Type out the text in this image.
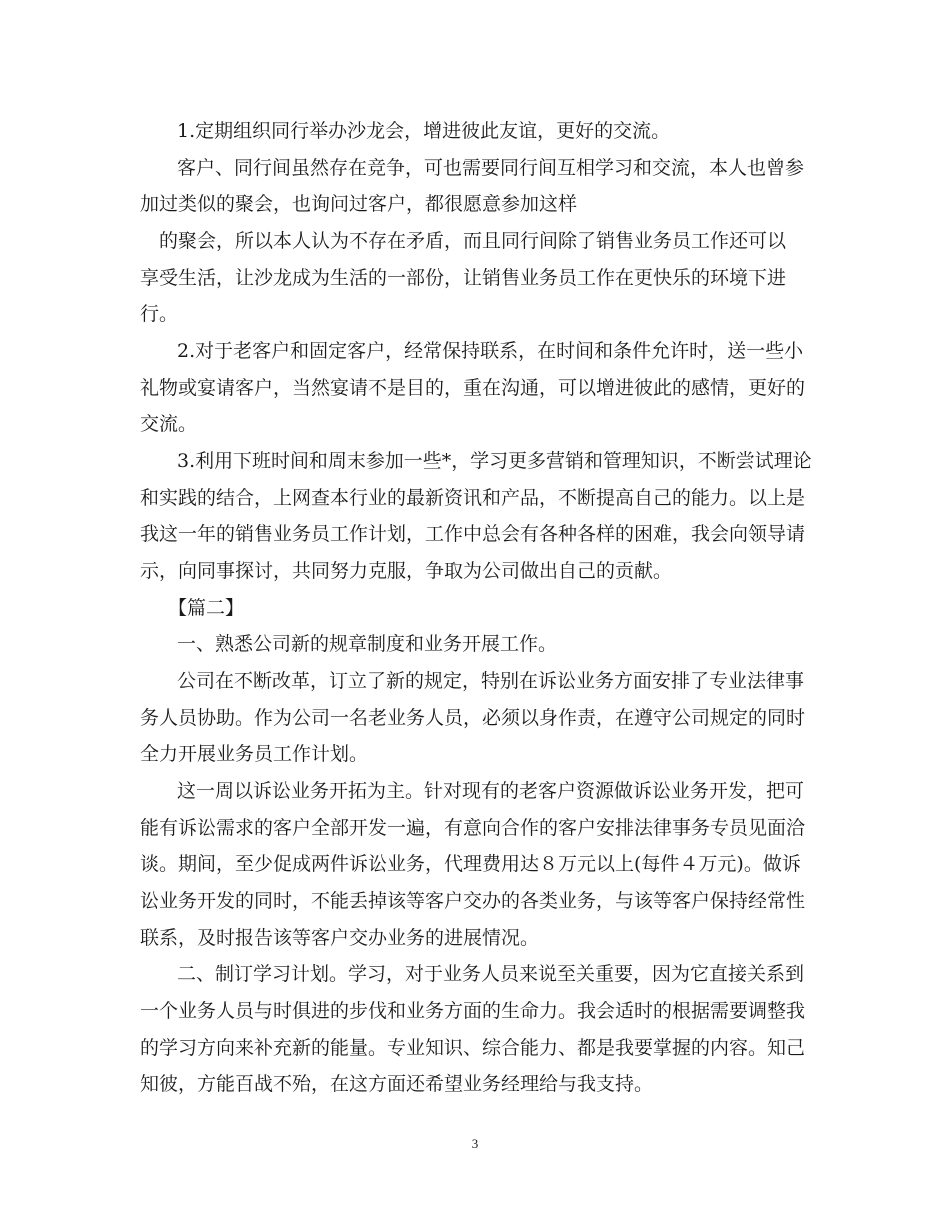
1.定期组织同行举办沙龙会，增进彼此友谊，更好的交流。
客户、同行间虽然存在竞争，可也需要同行间互相学习和交流，本人也曾参
加过类似的聚会，也询问过客户，都很愿意参加这样
的聚会，所以本人认为不存在矛盾，而且同行间除了销售业务员工作还可以
享受生活，让沙龙成为生活的一部份，让销售业务员工作在更快乐的环境下进
行。
2.对于老客户和固定客户，经常保持联系，在时间和条件允许时，送一些小
礼物或宴请客户，当然宴请不是目的，重在沟通，可以增进彼此的感情，更好的
交流。
3.利用下班时间和周末参加一些*，学习更多营销和管理知识，不断尝试理论
和实践的结合，上网查本行业的最新资讯和产品，不断提高自己的能力。以上是
我这一年的销售业务员工作计划，工作中总会有各种各样的困难，我会向领导请
示，向同事探讨，共同努力克服，争取为公司做出自己的贡献。
【篇二】
一、熟悉公司新的规章制度和业务开展工作。
公司在不断改革，订立了新的规定，特别在诉讼业务方面安排了专业法律事
务人员协助。作为公司一名老业务人员，必须以身作责，在遵守公司规定的同时
全力开展业务员工作计划。
这一周以诉讼业务开拓为主。针对现有的老客户资源做诉讼业务开发，把可
能有诉讼需求的客户全部开发一遍，有意向合作的客户安排法律事务专员见面洽
谈。期间，至少促成两件诉讼业务，代理费用达８万元以上(每件４万元)。做诉
讼业务开发的同时，不能丢掉该等客户交办的各类业务，与该等客户保持经常性
联系，及时报告该等客户交办业务的进展情况。
二、制订学习计划。学习，对于业务人员来说至关重要，因为它直接关系到
一个业务人员与时俱进的步伐和业务方面的生命力。我会适时的根据需要调整我
的学习方向来补充新的能量。专业知识、综合能力、都是我要掌握的内容。知己
知彼，方能百战不殆，在这方面还希望业务经理给与我支持。
3
